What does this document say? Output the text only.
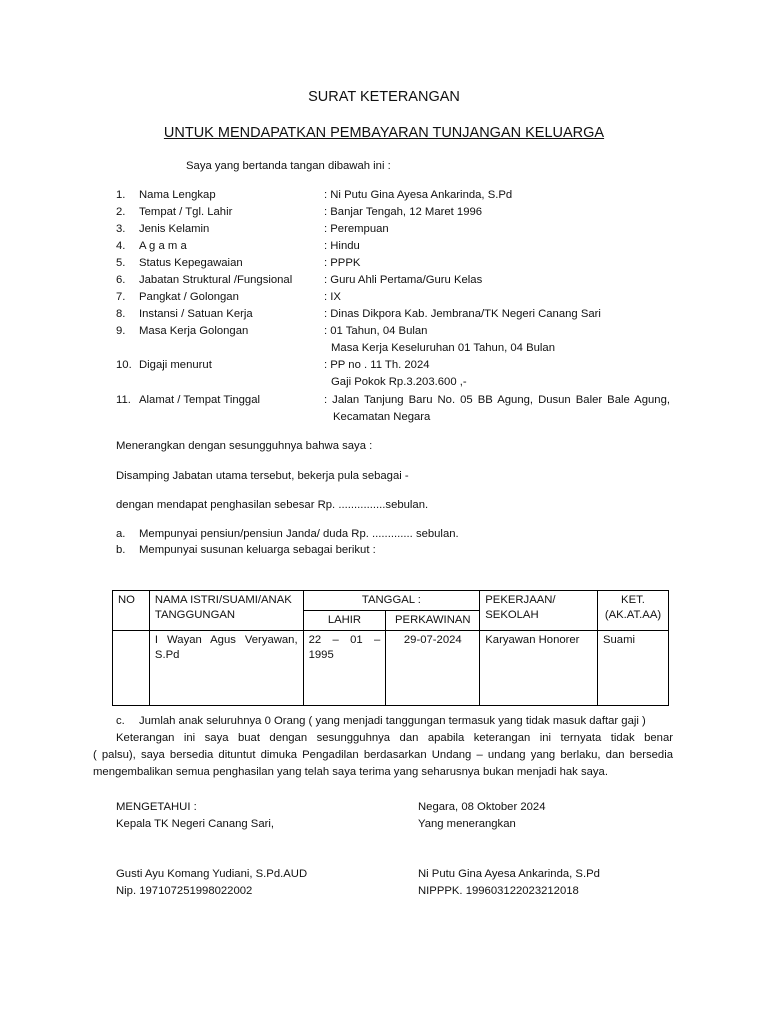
SURAT KETERANGAN
UNTUK MENDAPATKAN PEMBAYARAN TUNJANGAN KELUARGA
Saya yang bertanda tangan dibawah ini :
1. Nama Lengkap	: Ni Putu Gina Ayesa Ankarinda, S.Pd
2. Tempat / Tgl. Lahir	: Banjar Tengah, 12 Maret 1996
3. Jenis Kelamin	: Perempuan
4. A g a m a	: Hindu
5. Status Kepegawaian	: PPPK
6. Jabatan Struktural /Fungsional	: Guru Ahli Pertama/Guru Kelas
7. Pangkat / Golongan	: IX
8. Instansi / Satuan Kerja	: Dinas Dikpora Kab. Jembrana/TK Negeri Canang Sari
9. Masa Kerja Golongan	: 01 Tahun, 04 Bulan
Masa Kerja Keseluruhan 01 Tahun, 04 Bulan
10. Digaji menurut	: PP no . 11 Th. 2024
Gaji Pokok Rp.3.203.600 ,-
11. Alamat / Tempat Tinggal	: Jalan Tanjung Baru No. 05 BB Agung, Dusun Baler Bale Agung,
Kecamatan Negara
Menerangkan dengan sesungguhnya bahwa saya :
Disamping Jabatan utama tersebut, bekerja pula sebagai -
dengan mendapat penghasilan sebesar Rp. ...............sebulan.
a. Mempunyai pensiun/pensiun Janda/ duda Rp. ............. sebulan.
b. Mempunyai susunan keluarga sebagai berikut :
NO	NAMA ISTRI/SUAMI/ANAK TANGGUNGAN	TANGGAL :		PEKERJAAN/ SEKOLAH	KET. (AK.AT.AA)
		LAHIR	PERKAWINAN		
	I Wayan Agus Veryawan, S.Pd	22 – 01 – 1995	29-07-2024	Karyawan Honorer	Suami
c. Jumlah anak seluruhnya 0 Orang ( yang menjadi tanggungan termasuk yang tidak masuk daftar gaji )
Keterangan ini saya buat dengan sesungguhnya dan apabila keterangan ini ternyata tidak benar
( palsu), saya bersedia dituntut dimuka Pengadilan berdasarkan Undang – undang yang berlaku, dan bersedia
mengembalikan semua penghasilan yang telah saya terima yang seharusnya bukan menjadi hak saya.
MENGETAHUI :
Kepala TK Negeri Canang Sari,
Gusti Ayu Komang Yudiani, S.Pd.AUD
Nip. 197107251998022002
Negara, 08 Oktober 2024
Yang menerangkan
Ni Putu Gina Ayesa Ankarinda, S.Pd
NIPPPK. 199603122023212018
